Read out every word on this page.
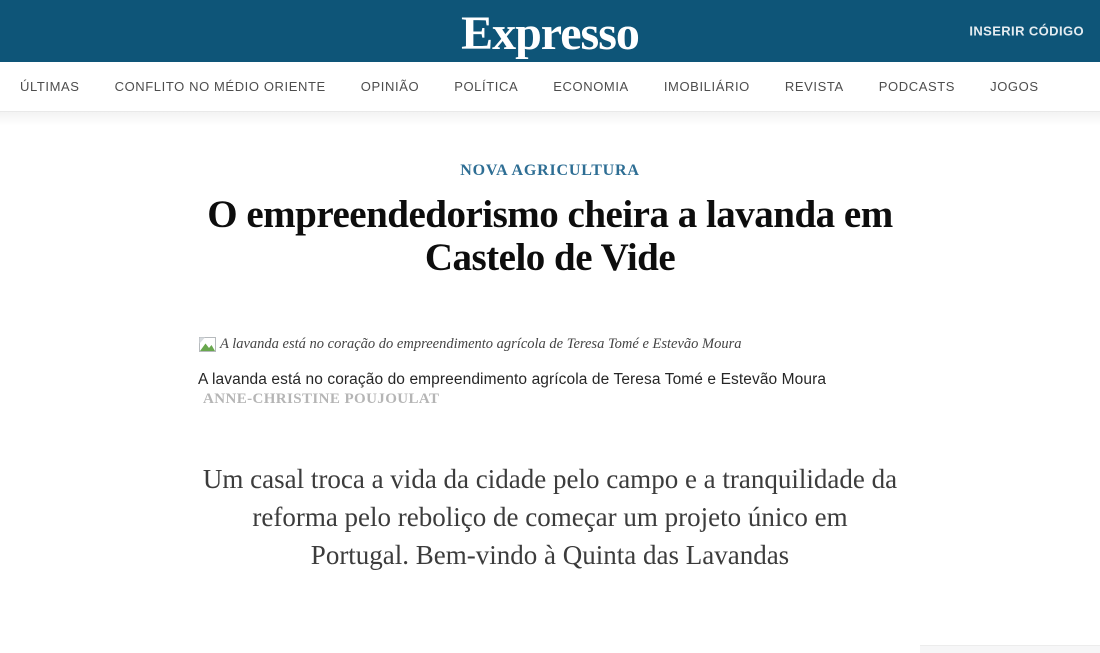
Expresso	INSERIR CÓDIGO
ÚLTIMAS	CONFLITO NO MÉDIO ORIENTE	OPINIÃO	POLÍTICA	ECONOMIA	IMOBILIÁRIO	REVISTA	PODCASTS	JOGOS
NOVA AGRICULTURA
O empreendedorismo cheira a lavanda em Castelo de Vide
A lavanda está no coração do empreendimento agrícola de Teresa Tomé e Estevão Moura
A lavanda está no coração do empreendimento agrícola de Teresa Tomé e Estevão Moura
ANNE-CHRISTINE POUJOULAT

Um casal troca a vida da cidade pelo campo e a tranquilidade da reforma pelo reboliço de começar um projeto único em Portugal. Bem-vindo à Quinta das Lavandas
